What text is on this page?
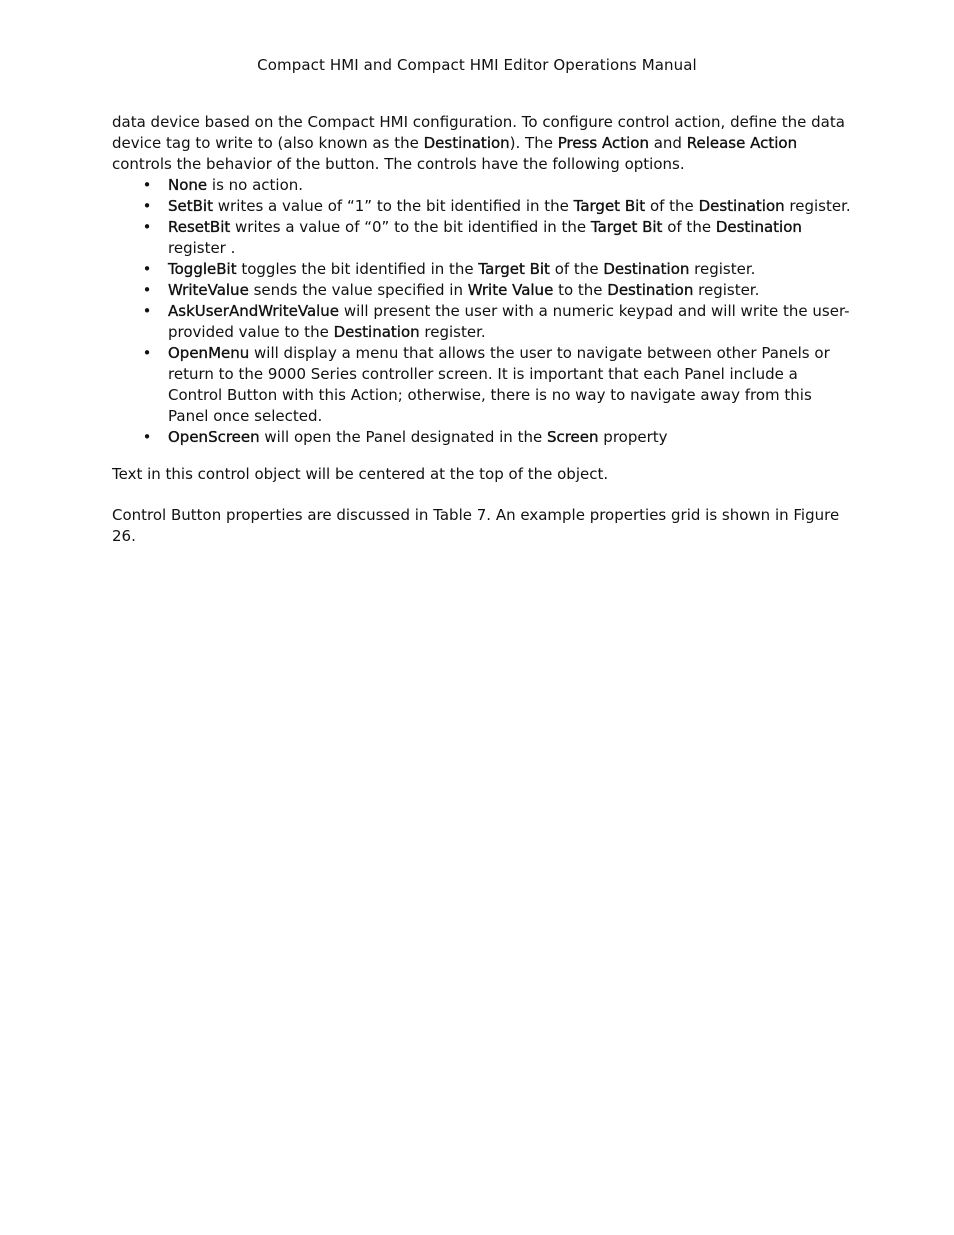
Compact HMI and Compact HMI Editor Operations Manual

data device based on the Compact HMI configuration. To configure control action, define the data device tag to write to (also known as the Destination). The Press Action and Release Action controls the behavior of the button. The controls have the following options.

• None is no action.
• SetBit writes a value of “1” to the bit identified in the Target Bit of the Destination register.
• ResetBit writes a value of “0” to the bit identified in the Target Bit of the Destination register .
• ToggleBit toggles the bit identified in the Target Bit of the Destination register.
• WriteValue sends the value specified in Write Value to the Destination register.
• AskUserAndWriteValue will present the user with a numeric keypad and will write the user-provided value to the Destination register.
• OpenMenu will display a menu that allows the user to navigate between other Panels or return to the 9000 Series controller screen. It is important that each Panel include a Control Button with this Action; otherwise, there is no way to navigate away from this Panel once selected.
• OpenScreen will open the Panel designated in the Screen property

Text in this control object will be centered at the top of the object.

Control Button properties are discussed in Table 7. An example properties grid is shown in Figure 26.
